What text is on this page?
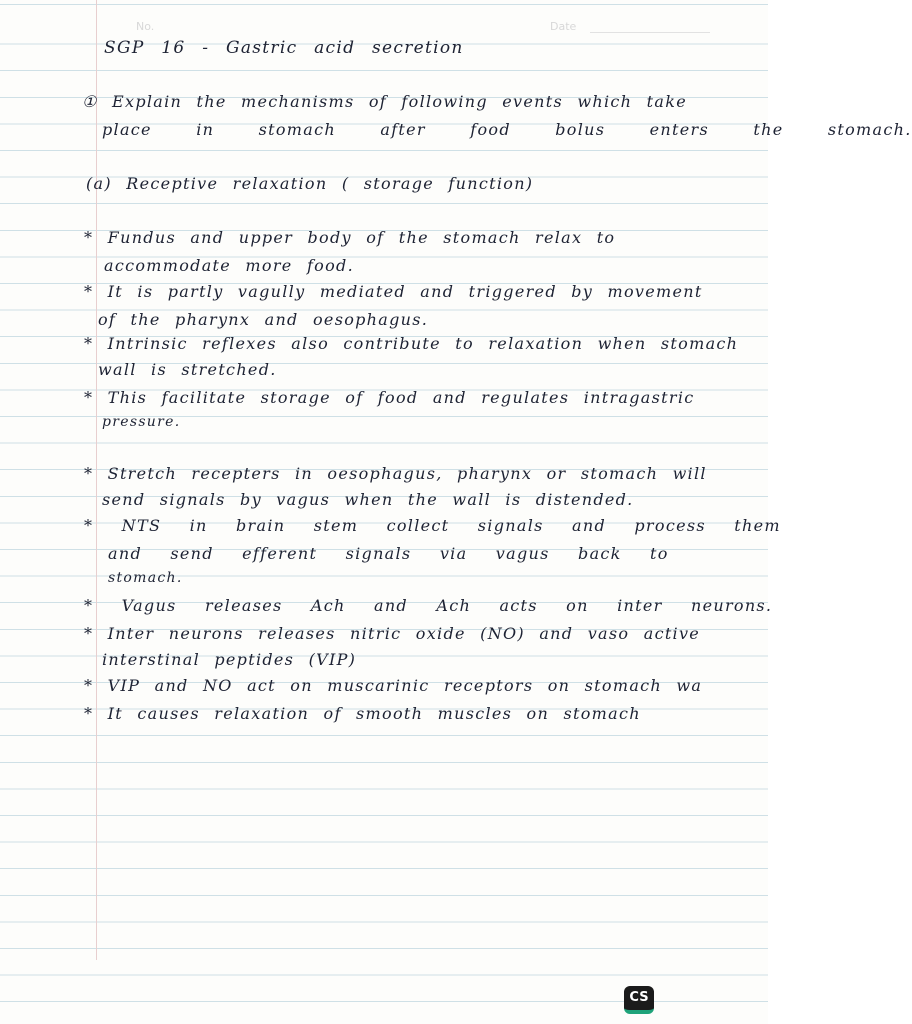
No.	Date
SGP 16 - Gastric acid secretion
① Explain the mechanisms of following events which take
place in stomach after food bolus enters the stomach.
(a) Receptive relaxation ( storage function)
* Fundus and upper body of the stomach relax to
accommodate more food.
* It is partly vagully mediated and triggered by movement
of the pharynx and oesophagus.
* Intrinsic reflexes also contribute to relaxation when stomach
wall is stretched.
* This facilitate storage of food and regulates intragastric
pressure.
* Stretch recepters in oesophagus, pharynx or stomach will
send signals by vagus when the wall is distended.
* NTS in brain stem collect signals and process them
and send efferent signals via vagus back to
stomach.
* Vagus releases Ach and Ach acts on inter neurons.
* Inter neurons releases nitric oxide (NO) and vaso active
interstinal peptides (VIP)
* VIP and NO act on muscarinic receptors on stomach wa
* It causes relaxation of smooth muscles on stomach
CS
